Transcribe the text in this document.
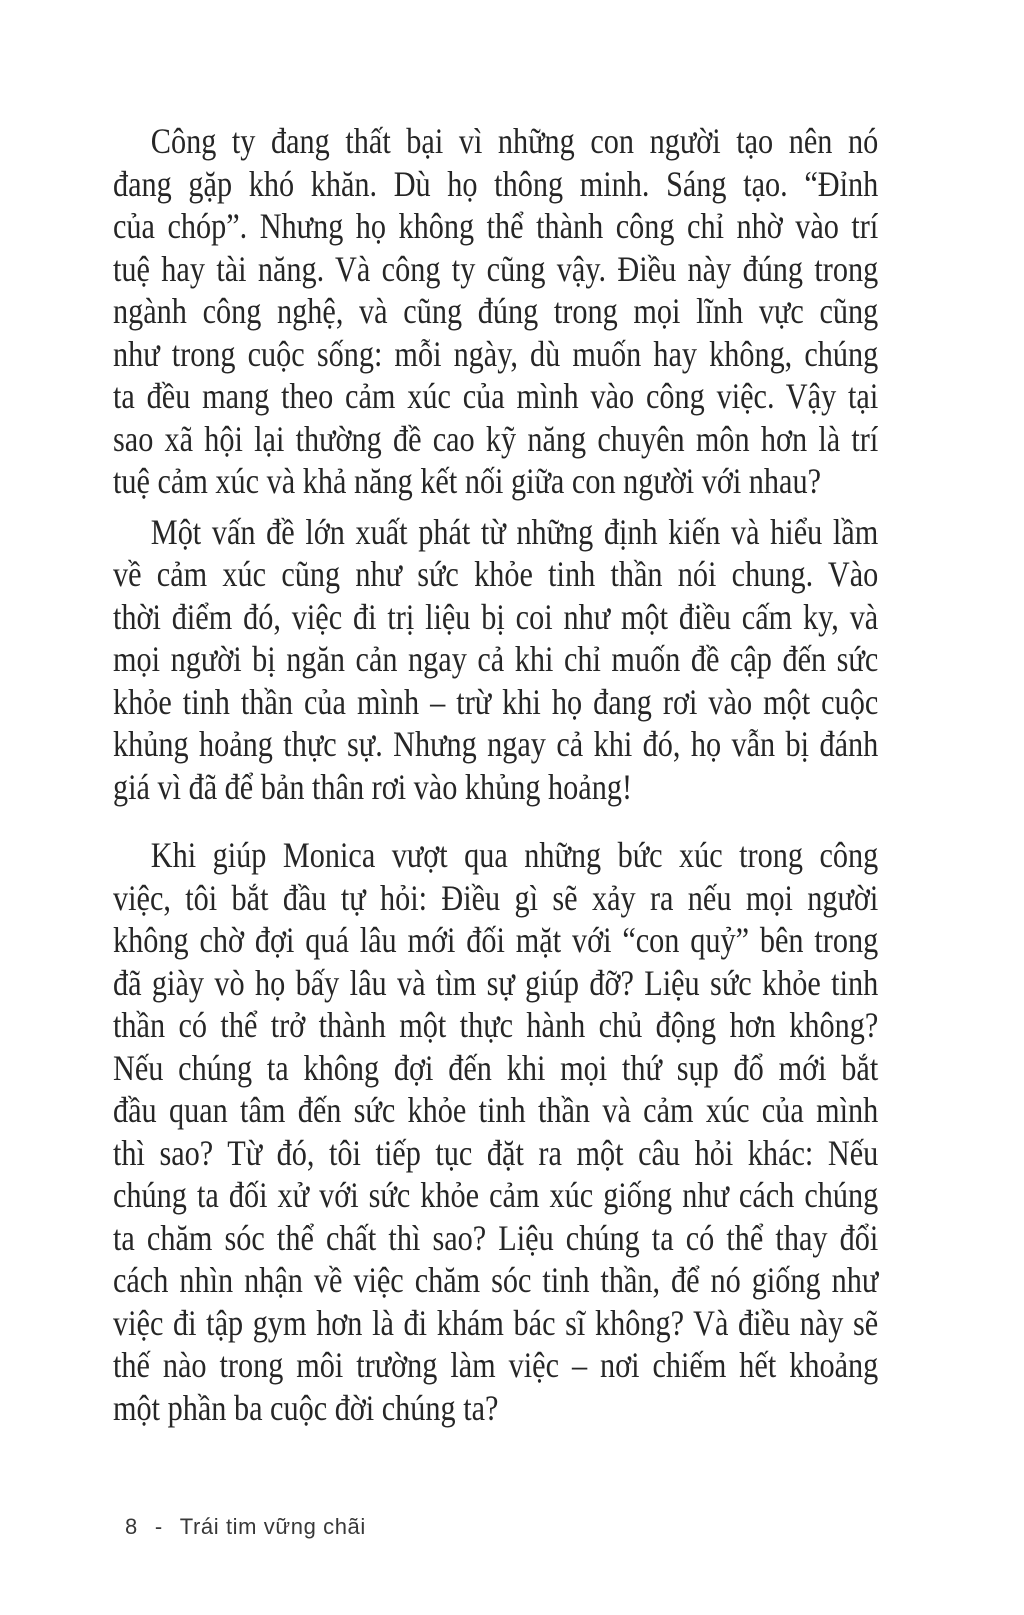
Công ty đang thất bại vì những con người tạo nên nó
đang gặp khó khăn. Dù họ thông minh. Sáng tạo. “Đỉnh
của chóp”. Nhưng họ không thể thành công chỉ nhờ vào trí
tuệ hay tài năng. Và công ty cũng vậy. Điều này đúng trong
ngành công nghệ, và cũng đúng trong mọi lĩnh vực cũng
như trong cuộc sống: mỗi ngày, dù muốn hay không, chúng
ta đều mang theo cảm xúc của mình vào công việc. Vậy tại
sao xã hội lại thường đề cao kỹ năng chuyên môn hơn là trí
tuệ cảm xúc và khả năng kết nối giữa con người với nhau?

Một vấn đề lớn xuất phát từ những định kiến và hiểu lầm
về cảm xúc cũng như sức khỏe tinh thần nói chung. Vào
thời điểm đó, việc đi trị liệu bị coi như một điều cấm ky, và
mọi người bị ngăn cản ngay cả khi chỉ muốn đề cập đến sức
khỏe tinh thần của mình – trừ khi họ đang rơi vào một cuộc
khủng hoảng thực sự. Nhưng ngay cả khi đó, họ vẫn bị đánh
giá vì đã để bản thân rơi vào khủng hoảng!

Khi giúp Monica vượt qua những bức xúc trong công
việc, tôi bắt đầu tự hỏi: Điều gì sẽ xảy ra nếu mọi người
không chờ đợi quá lâu mới đối mặt với “con quỷ” bên trong
đã giày vò họ bấy lâu và tìm sự giúp đỡ? Liệu sức khỏe tinh
thần có thể trở thành một thực hành chủ động hơn không?
Nếu chúng ta không đợi đến khi mọi thứ sụp đổ mới bắt
đầu quan tâm đến sức khỏe tinh thần và cảm xúc của mình
thì sao? Từ đó, tôi tiếp tục đặt ra một câu hỏi khác: Nếu
chúng ta đối xử với sức khỏe cảm xúc giống như cách chúng
ta chăm sóc thể chất thì sao? Liệu chúng ta có thể thay đổi
cách nhìn nhận về việc chăm sóc tinh thần, để nó giống như
việc đi tập gym hơn là đi khám bác sĩ không? Và điều này sẽ
thế nào trong môi trường làm việc – nơi chiếm hết khoảng
một phần ba cuộc đời chúng ta?

8 - Trái tim vững chãi
